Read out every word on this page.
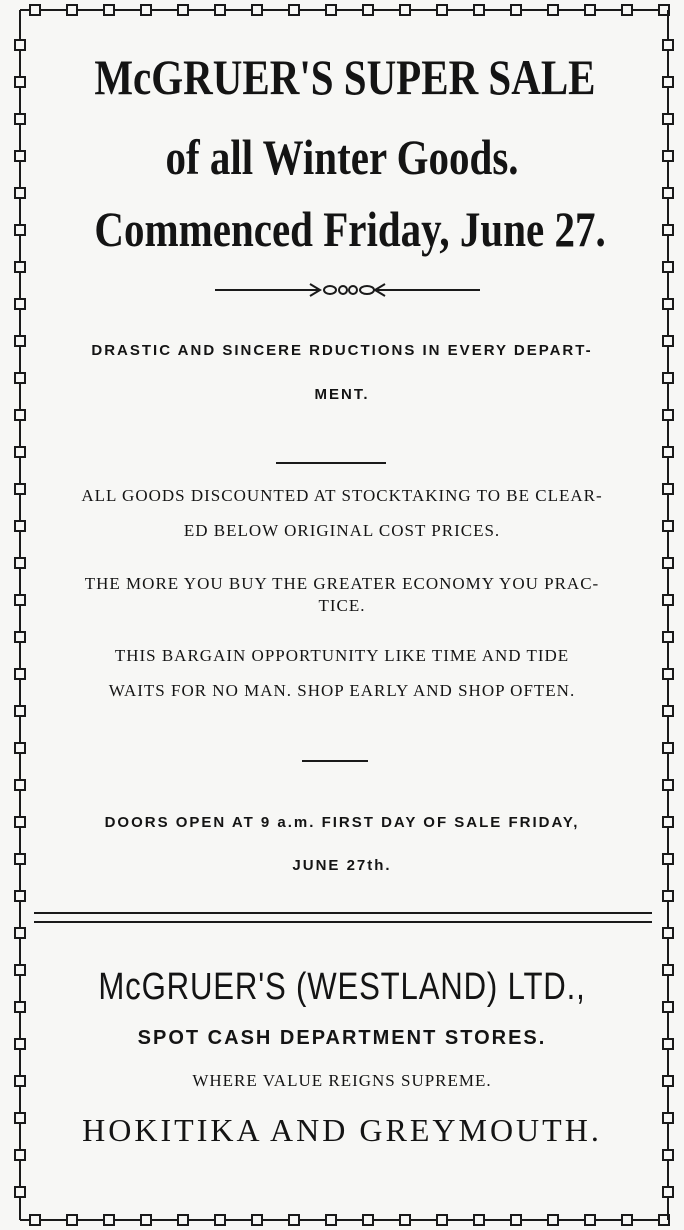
McGRUER'S SUPER SALE
of all Winter Goods.
Commenced Friday, June 27.
DRASTIC AND SINCERE RDUCTIONS IN EVERY DEPART-
MENT.
ALL GOODS DISCOUNTED AT STOCKTAKING TO BE CLEAR-
ED BELOW ORIGINAL COST PRICES.
THE MORE YOU BUY THE GREATER ECONOMY YOU PRAC-
TICE.
THIS BARGAIN OPPORTUNITY LIKE TIME AND TIDE
WAITS FOR NO MAN. SHOP EARLY AND SHOP OFTEN.
DOORS OPEN AT 9 a.m. FIRST DAY OF SALE FRIDAY,
JUNE 27th.
McGRUER'S (WESTLAND) LTD.,
SPOT CASH DEPARTMENT STORES.
WHERE VALUE REIGNS SUPREME.
HOKITIKA AND GREYMOUTH.
